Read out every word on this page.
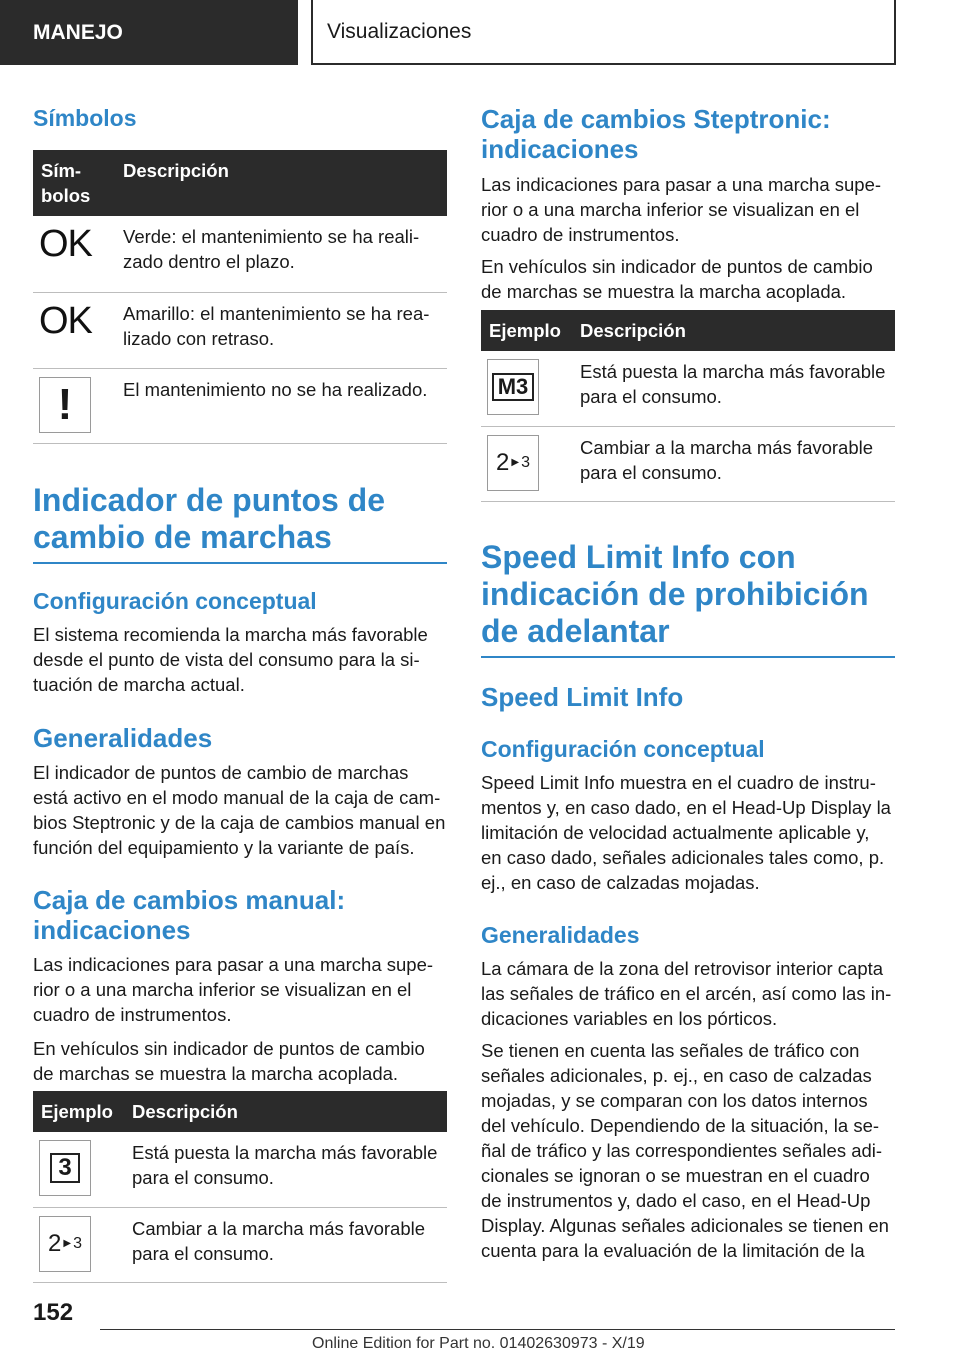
MANEJO	Visualizaciones
Símbolos
Sím-
bolos	Descripción
OK	Verde: el mantenimiento se ha reali-zado dentro el plazo.
OK	Amarillo: el mantenimiento se ha rea-lizado con retraso.

!	El mantenimiento no se ha realizado.
Indicador de puntos de cambio de marchas
Configuración conceptual

El sistema recomienda la marcha más favorable desde el punto de vista del consumo para la si-tuación de marcha actual.

Generalidades

El indicador de puntos de cambio de marchas está activo en el modo manual de la caja de cam-bios Steptronic y de la caja de cambios manual en función del equipamiento y la variante de país.

Caja de cambios manual: indicaciones

Las indicaciones para pasar a una marcha supe-rior o a una marcha inferior se visualizan en el cuadro de instrumentos.

En vehículos sin indicador de puntos de cambio de marchas se muestra la marcha acoplada.

Ejemplo	Descripción

3	Está puesta la marcha más favorable para el consumo.

2 ▶ 3	Cambiar a la marcha más favorable para el consumo.
Caja de cambios Steptronic: indicaciones

Las indicaciones para pasar a una marcha supe-rior o a una marcha inferior se visualizan en el cuadro de instrumentos.

En vehículos sin indicador de puntos de cambio de marchas se muestra la marcha acoplada.

Ejemplo	Descripción

M3	Está puesta la marcha más favorable para el consumo.

2 ▶ 3	Cambiar a la marcha más favorable para el consumo.
Speed Limit Info con indicación de prohibición de adelantar
Speed Limit Info
Configuración conceptual

Speed Limit Info muestra en el cuadro de instru-mentos y, en caso dado, en el Head-Up Display la limitación de velocidad actualmente aplicable y, en caso dado, señales adicionales tales como, p. ej., en caso de calzadas mojadas.

Generalidades

La cámara de la zona del retrovisor interior capta las señales de tráfico en el arcén, así como las in-dicaciones variables en los pórticos.

Se tienen en cuenta las señales de tráfico con señales adicionales, p. ej., en caso de calzadas mojadas, y se comparan con los datos internos del vehículo. Dependiendo de la situación, la se-ñal de tráfico y las correspondientes señales adi-cionales se ignoran o se muestran en el cuadro de instrumentos y, dado el caso, en el Head-Up Display. Algunas señales adicionales se tienen en cuenta para la evaluación de la limitación de la

152
Online Edition for Part no. 01402630973 - X/19
